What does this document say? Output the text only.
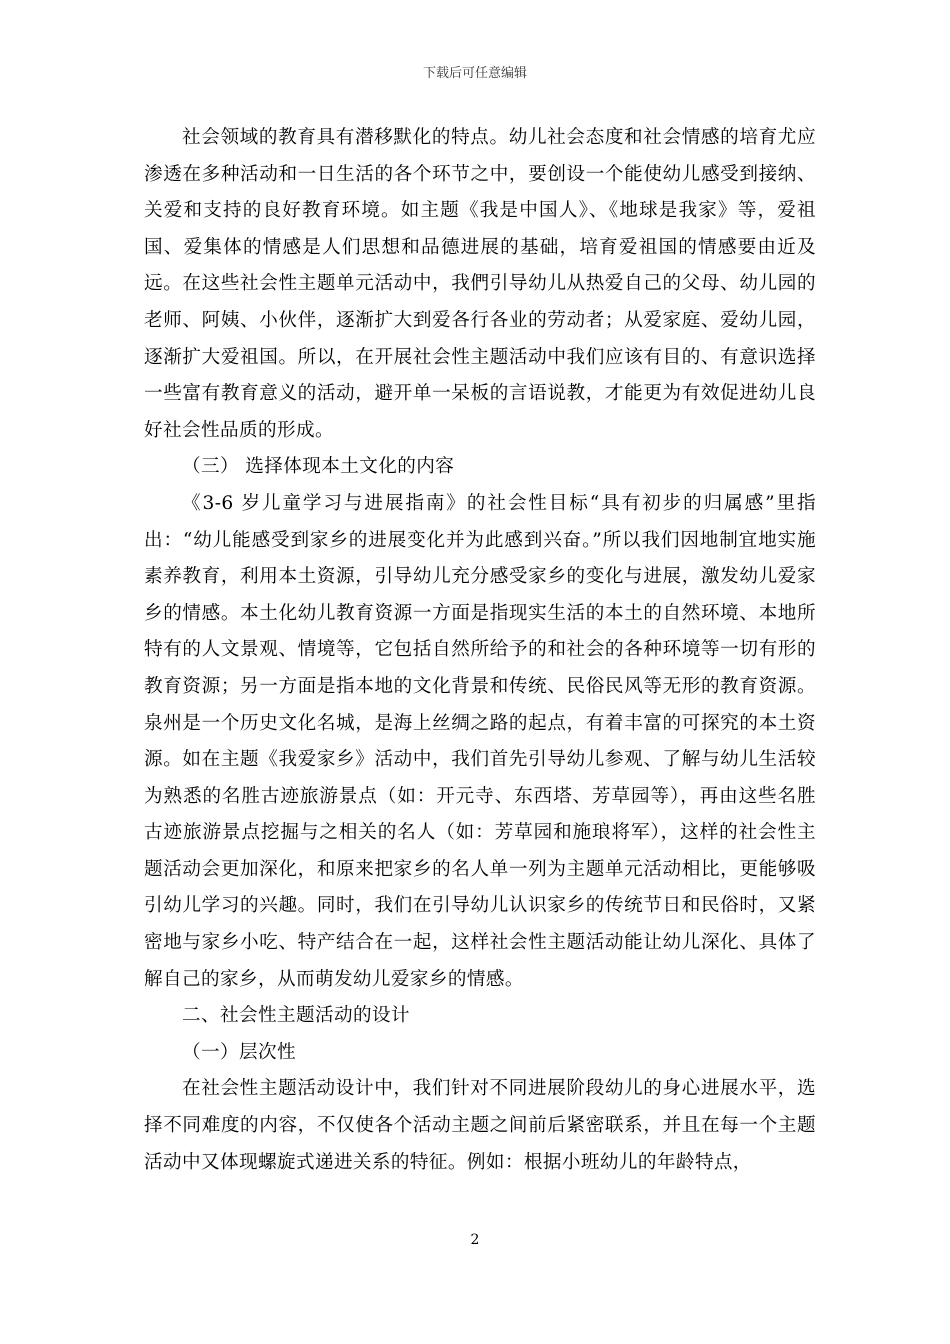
下载后可任意编辑

社会领域的教育具有潜移默化的特点。幼儿社会态度和社会情感的培育尤应渗透在多种活动和一日生活的各个环节之中，要创设一个能使幼儿感受到接纳、关爱和支持的良好教育环境。如主题《我是中国人》、《地球是我家》等，爱祖国、爱集体的情感是人们思想和品德进展的基础，培育爱祖国的情感要由近及远。在这些社会性主题单元活动中，我們引导幼儿从热爱自己的父母、幼儿园的老师、阿姨、小伙伴，逐渐扩大到爱各行各业的劳动者；从爱家庭、爱幼儿园，逐渐扩大爱祖国。所以，在开展社会性主题活动中我们应该有目的、有意识选择一些富有教育意义的活动，避开单一呆板的言语说教，才能更为有效促进幼儿良好社会性品质的形成。

（三） 选择体现本土文化的内容

《3-6 岁儿童学习与进展指南》的社会性目标“具有初步的归属感”里指出：“幼儿能感受到家乡的进展变化并为此感到兴奋。”所以我们因地制宜地实施素养教育，利用本土资源，引导幼儿充分感受家乡的变化与进展，激发幼儿爱家乡的情感。本土化幼儿教育资源一方面是指现实生活的本土的自然环境、本地所特有的人文景观、情境等，它包括自然所给予的和社会的各种环境等一切有形的教育资源；另一方面是指本地的文化背景和传统、民俗民风等无形的教育资源。泉州是一个历史文化名城，是海上丝绸之路的起点，有着丰富的可探究的本土资源。如在主题《我爱家乡》活动中，我们首先引导幼儿参观、了解与幼儿生活较为熟悉的名胜古迹旅游景点（如：开元寺、东西塔、芳草园等），再由这些名胜古迹旅游景点挖掘与之相关的名人（如：芳草园和施琅将军），这样的社会性主题活动会更加深化，和原来把家乡的名人单一列为主题单元活动相比，更能够吸引幼儿学习的兴趣。同时，我们在引导幼儿认识家乡的传统节日和民俗时，又紧密地与家乡小吃、特产结合在一起，这样社会性主题活动能让幼儿深化、具体了解自己的家乡，从而萌发幼儿爱家乡的情感。

二、社会性主题活动的设计

（一）层次性

在社会性主题活动设计中，我们针对不同进展阶段幼儿的身心进展水平，选择不同难度的内容，不仅使各个活动主题之间前后紧密联系，并且在每一个主题活动中又体现螺旋式递进关系的特征。例如：根据小班幼儿的年龄特点，

2
